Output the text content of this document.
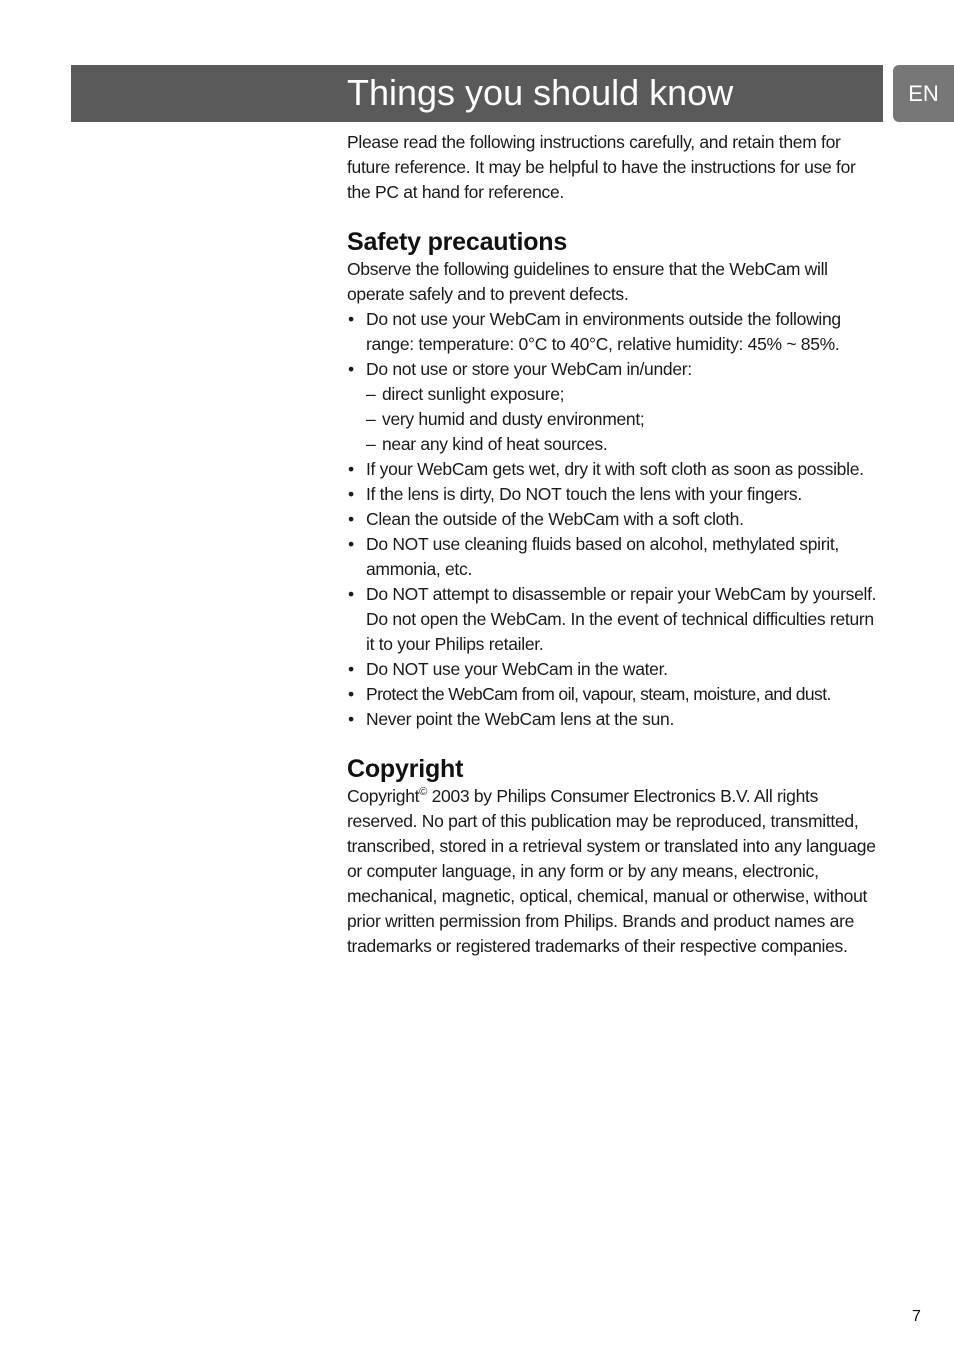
Things you should know	EN

Please read the following instructions carefully, and retain them for future reference. It may be helpful to have the instructions for use for the PC at hand for reference.

Safety precautions

Observe the following guidelines to ensure that the WebCam will operate safely and to prevent defects.

• Do not use your WebCam in environments outside the following range: temperature: 0°C to 40°C, relative humidity: 45% ~ 85%.
• Do not use or store your WebCam in/under:
– direct sunlight exposure;
– very humid and dusty environment;
– near any kind of heat sources.
• If your WebCam gets wet, dry it with soft cloth as soon as possible.
• If the lens is dirty, Do NOT touch the lens with your fingers.
• Clean the outside of the WebCam with a soft cloth.
• Do NOT use cleaning fluids based on alcohol, methylated spirit, ammonia, etc.
• Do NOT attempt to disassemble or repair your WebCam by yourself. Do not open the WebCam. In the event of technical difficulties return it to your Philips retailer.
• Do NOT use your WebCam in the water.
• Protect the WebCam from oil, vapour, steam, moisture, and dust.
• Never point the WebCam lens at the sun.
Copyright

Copyright© 2003 by Philips Consumer Electronics B.V. All rights reserved. No part of this publication may be reproduced, transmitted, transcribed, stored in a retrieval system or translated into any language or computer language, in any form or by any means, electronic, mechanical, magnetic, optical, chemical, manual or otherwise, without prior written permission from Philips. Brands and product names are trademarks or registered trademarks of their respective companies.

7
